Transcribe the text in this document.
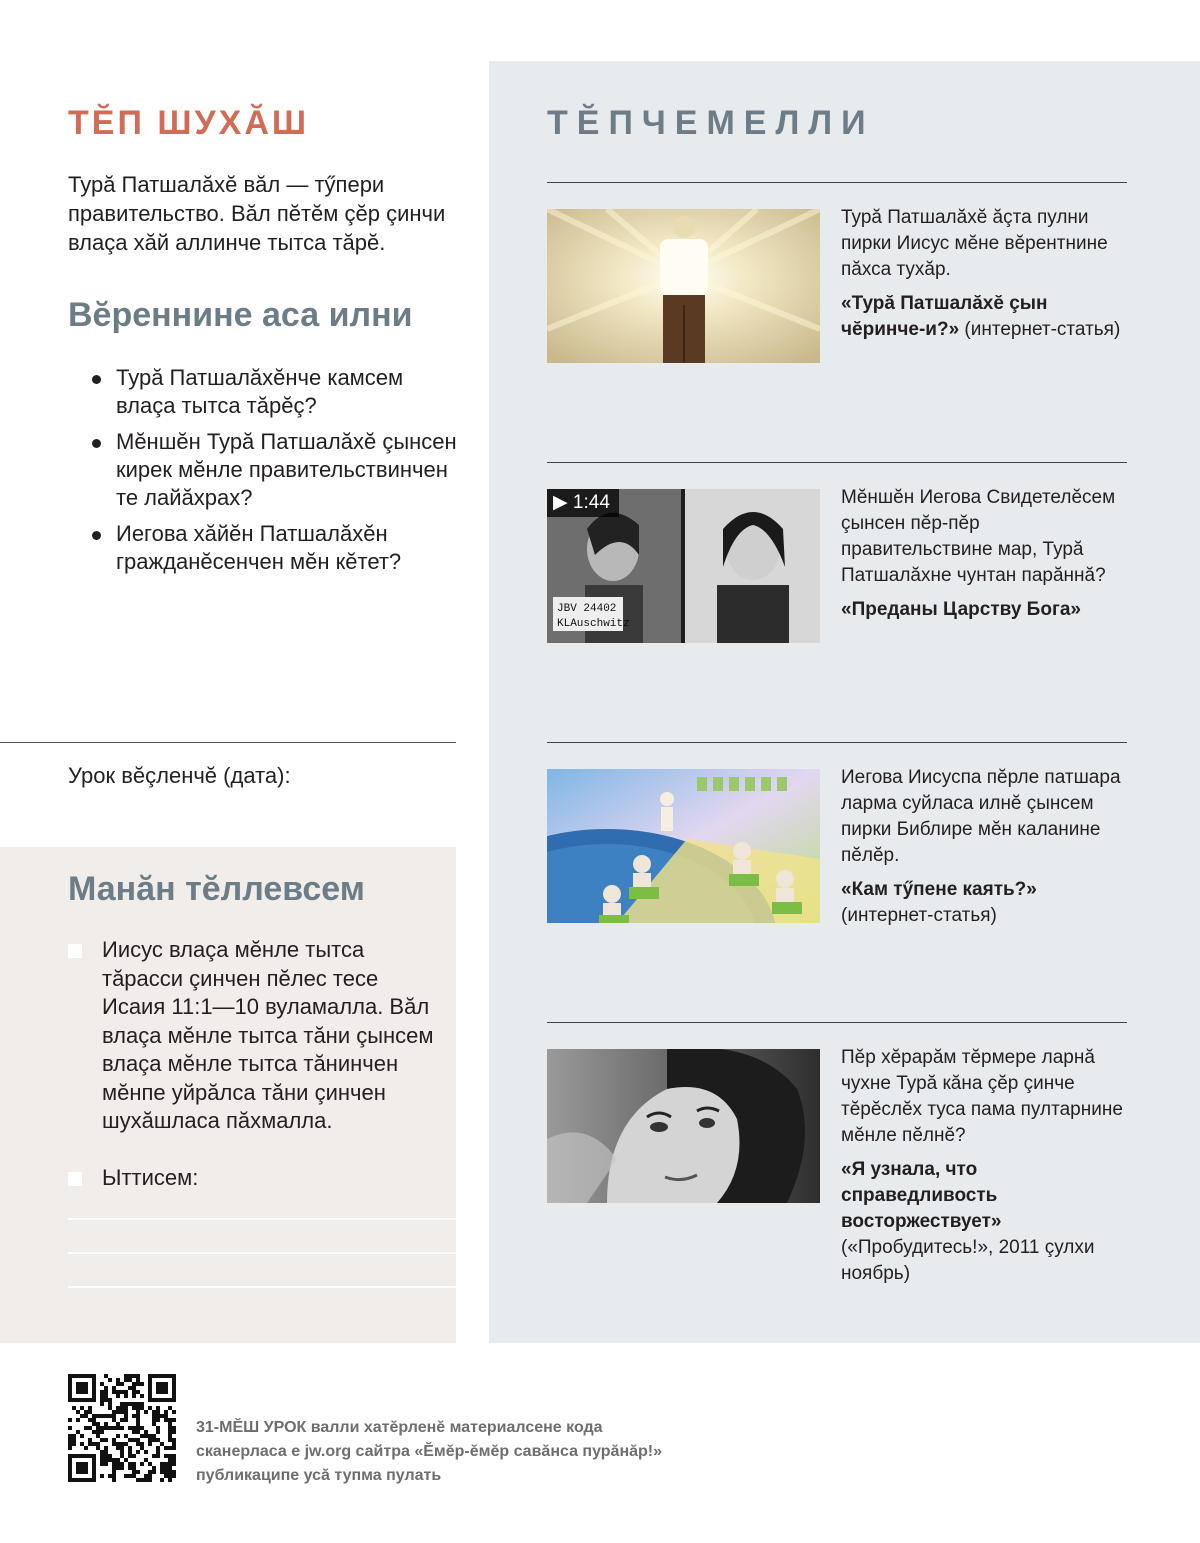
ТĔП ШУХĂШ

Турă Патшалăхĕ вăл — тӳпери правительство. Вăл пĕтĕм çĕр çинчи влаçа хăй аллинче тытса тăрĕ.

Вĕреннине аса илни
Турă Патшалăхĕнче камсем влаçа тытса тăрĕç?
Мĕншĕн Турă Патшалăхĕ çынсен кирек мĕнле правительствинчен те лайăхрах?
Иегова хăйĕн Патшалăхĕн гражданĕсенчен мĕн кĕтет?

Урок вĕçленчĕ (дата):

Манăн тĕллевсем

Иисус влаçа мĕнле тытса тăрасси çинчен пĕлес тесе Исаия 11:1—10 вуламалла. Вăл влаçа мĕнле тытса тăни çынсем влаçа мĕнле тытса тăнинчен мĕнпе уйрăлса тăни çинчен шухăшласа пăхмалла.

Ыттисем:

ТĔПЧЕМЕЛЛИ

Турă Патшалăхĕ ăçта пулни пирки Иисус мĕне вĕрентнине пăхса тухăр.

«Турă Патшалăхĕ çын чĕринче-и?» (интернет-статья)

JBV 24402
KLAuschwitz
▶ 1:44	Мĕншĕн Иегова Свидетелĕсем çынсен пĕр-пĕр правительствине мар, Турă Патшалăхне чунтан парăннă?

«Преданы Царству Бога»

Иегова Иисуспа пĕрле патшара ларма суйласа илнĕ çынсем пирки Библире мĕн каланине пĕлĕр.

«Кам тӳпене каять?»
(интернет-статья)

Пĕр хĕрарăм тĕрмере ларнă чухне Турă кăна çĕр çинче тĕрĕслĕх туса пама пултарнине мĕнле пĕлнĕ?

«Я узнала, что справедливость восторжествует»
(«Пробудитесь!», 2011 çулхи ноябрь)

31-МĔШ УРОК валли хатĕрленĕ материалсене кода сканерласа е jw.org сайтра «Ĕмĕр-ĕмĕр савăнса пурăнăр!» публикаципе усă тупма пулать
